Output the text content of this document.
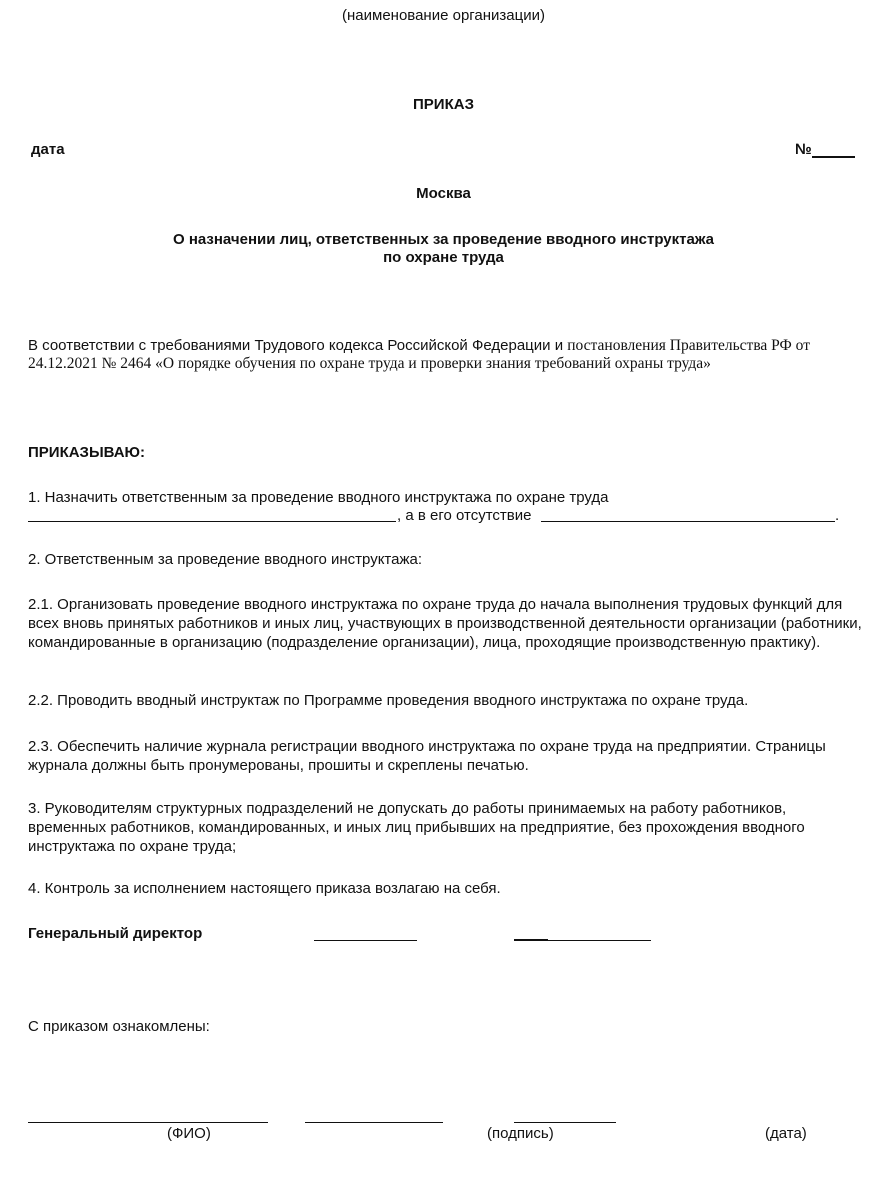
(наименование организации)
ПРИКАЗ
дата	№
Москва
О назначении лиц, ответственных за проведение вводного инструктажа
по охране труда
В соответствии с требованиями Трудового кодекса Российской Федерации и постановления Правительства РФ от
24.12.2021 № 2464 «О порядке обучения по охране труда и проверки знания требований охраны труда»
ПРИКАЗЫВАЮ:
1. Назначить ответственным за проведение вводного инструктажа по охране труда
, а в его отсутствие	.
2. Ответственным за проведение вводного инструктажа:
2.1. Организовать проведение вводного инструктажа по охране труда до начала выполнения трудовых функций для всех вновь принятых работников и иных лиц, участвующих в производственной деятельности организации (работники, командированные в организацию (подразделение организации), лица, проходящие производственную практику).
2.2. Проводить вводный инструктаж по Программе проведения вводного инструктажа по охране труда.
2.3. Обеспечить наличие журнала регистрации вводного инструктажа по охране труда на предприятии. Страницы журнала должны быть пронумерованы, прошиты и скреплены печатью.
3. Руководителям структурных подразделений не допускать до работы принимаемых на работу работников, временных работников, командированных, и иных лиц прибывших на предприятие, без прохождения вводного инструктажа по охране труда;
4. Контроль за исполнением настоящего приказа возлагаю на себя.
Генеральный директор
С приказом ознакомлены:
(ФИО)	(подпись)	(дата)
